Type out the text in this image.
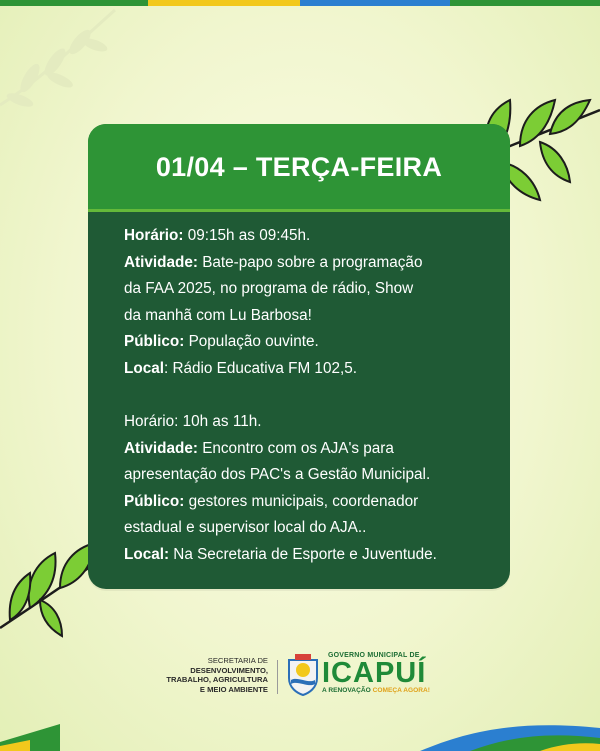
01/04 – TERÇA-FEIRA
Horário: 09:15h as 09:45h.
Atividade: Bate-papo sobre a programação
da FAA 2025, no programa de rádio, Show
da manhã com Lu Barbosa!
Público: População ouvinte.
Local: Rádio Educativa FM 102,5.
Horário: 10h as 11h.
Atividade: Encontro com os AJA's para
apresentação dos PAC's a Gestão Municipal.
Público: gestores municipais, coordenador
estadual e supervisor local do AJA..
Local: Na Secretaria de Esporte e Juventude.
SECRETARIA DE
DESENVOLVIMENTO,
TRABALHO, AGRICULTURA
E MEIO AMBIENTE
GOVERNO MUNICIPAL DE
ICAPUÍ
A RENOVAÇÃO COMEÇA AGORA!
